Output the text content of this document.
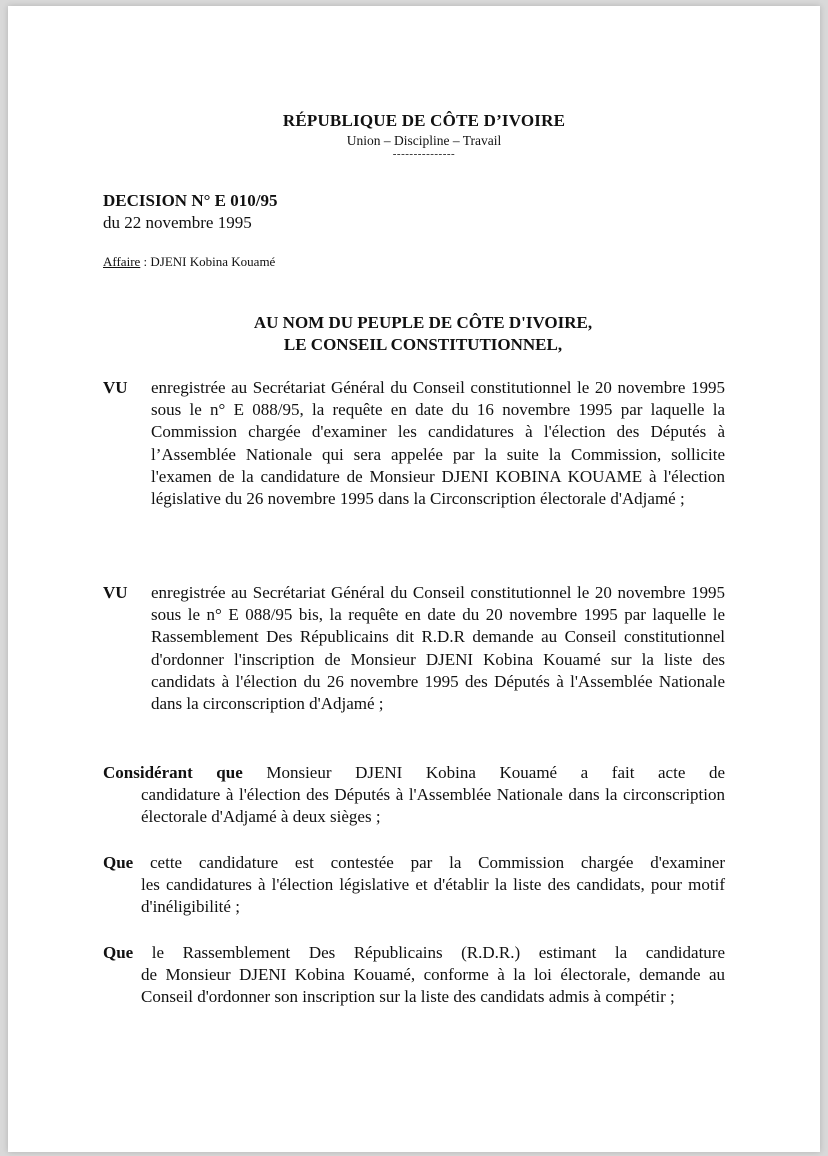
RÉPUBLIQUE DE CÔTE D’IVOIRE
Union – Discipline – Travail
---------------
DECISION N° E 010/95
du 22 novembre 1995
Affaire : DJENI Kobina Kouamé
AU NOM DU PEUPLE DE CÔTE D'IVOIRE,
LE CONSEIL CONSTITUTIONNEL,
VU enregistrée au Secrétariat Général du Conseil constitutionnel le 20 novembre 1995 sous le n° E 088/95, la requête en date du 16 novembre 1995 par laquelle la Commission chargée d'examiner les candidatures à l'élection des Députés à l’Assemblée Nationale qui sera appelée par la suite la Commission, sollicite l'examen de la candidature de Monsieur DJENI KOBINA KOUAME à l'élection législative du 26 novembre 1995 dans la Circonscription électorale d'Adjamé ;
VU enregistrée au Secrétariat Général du Conseil constitutionnel le 20 novembre 1995 sous le n° E 088/95 bis, la requête en date du 20 novembre 1995 par laquelle le Rassemblement Des Républicains dit R.D.R demande au Conseil constitutionnel d'ordonner l'inscription de Monsieur DJENI Kobina Kouamé sur la liste des candidats à l'élection du 26 novembre 1995 des Députés à l'Assemblée Nationale dans la circonscription d'Adjamé ;
Considérant que Monsieur DJENI Kobina Kouamé a fait acte de
candidature à l'élection des Députés à l'Assemblée Nationale dans la circonscription électorale d'Adjamé à deux sièges ;
Que cette candidature est contestée par la Commission chargée d'examiner
les candidatures à l'élection législative et d'établir la liste des candidats, pour motif d'inéligibilité ;
Que le Rassemblement Des Républicains (R.D.R.) estimant la candidature
de Monsieur DJENI Kobina Kouamé, conforme à la loi électorale, demande au Conseil d'ordonner son inscription sur la liste des candidats admis à compétir ;
